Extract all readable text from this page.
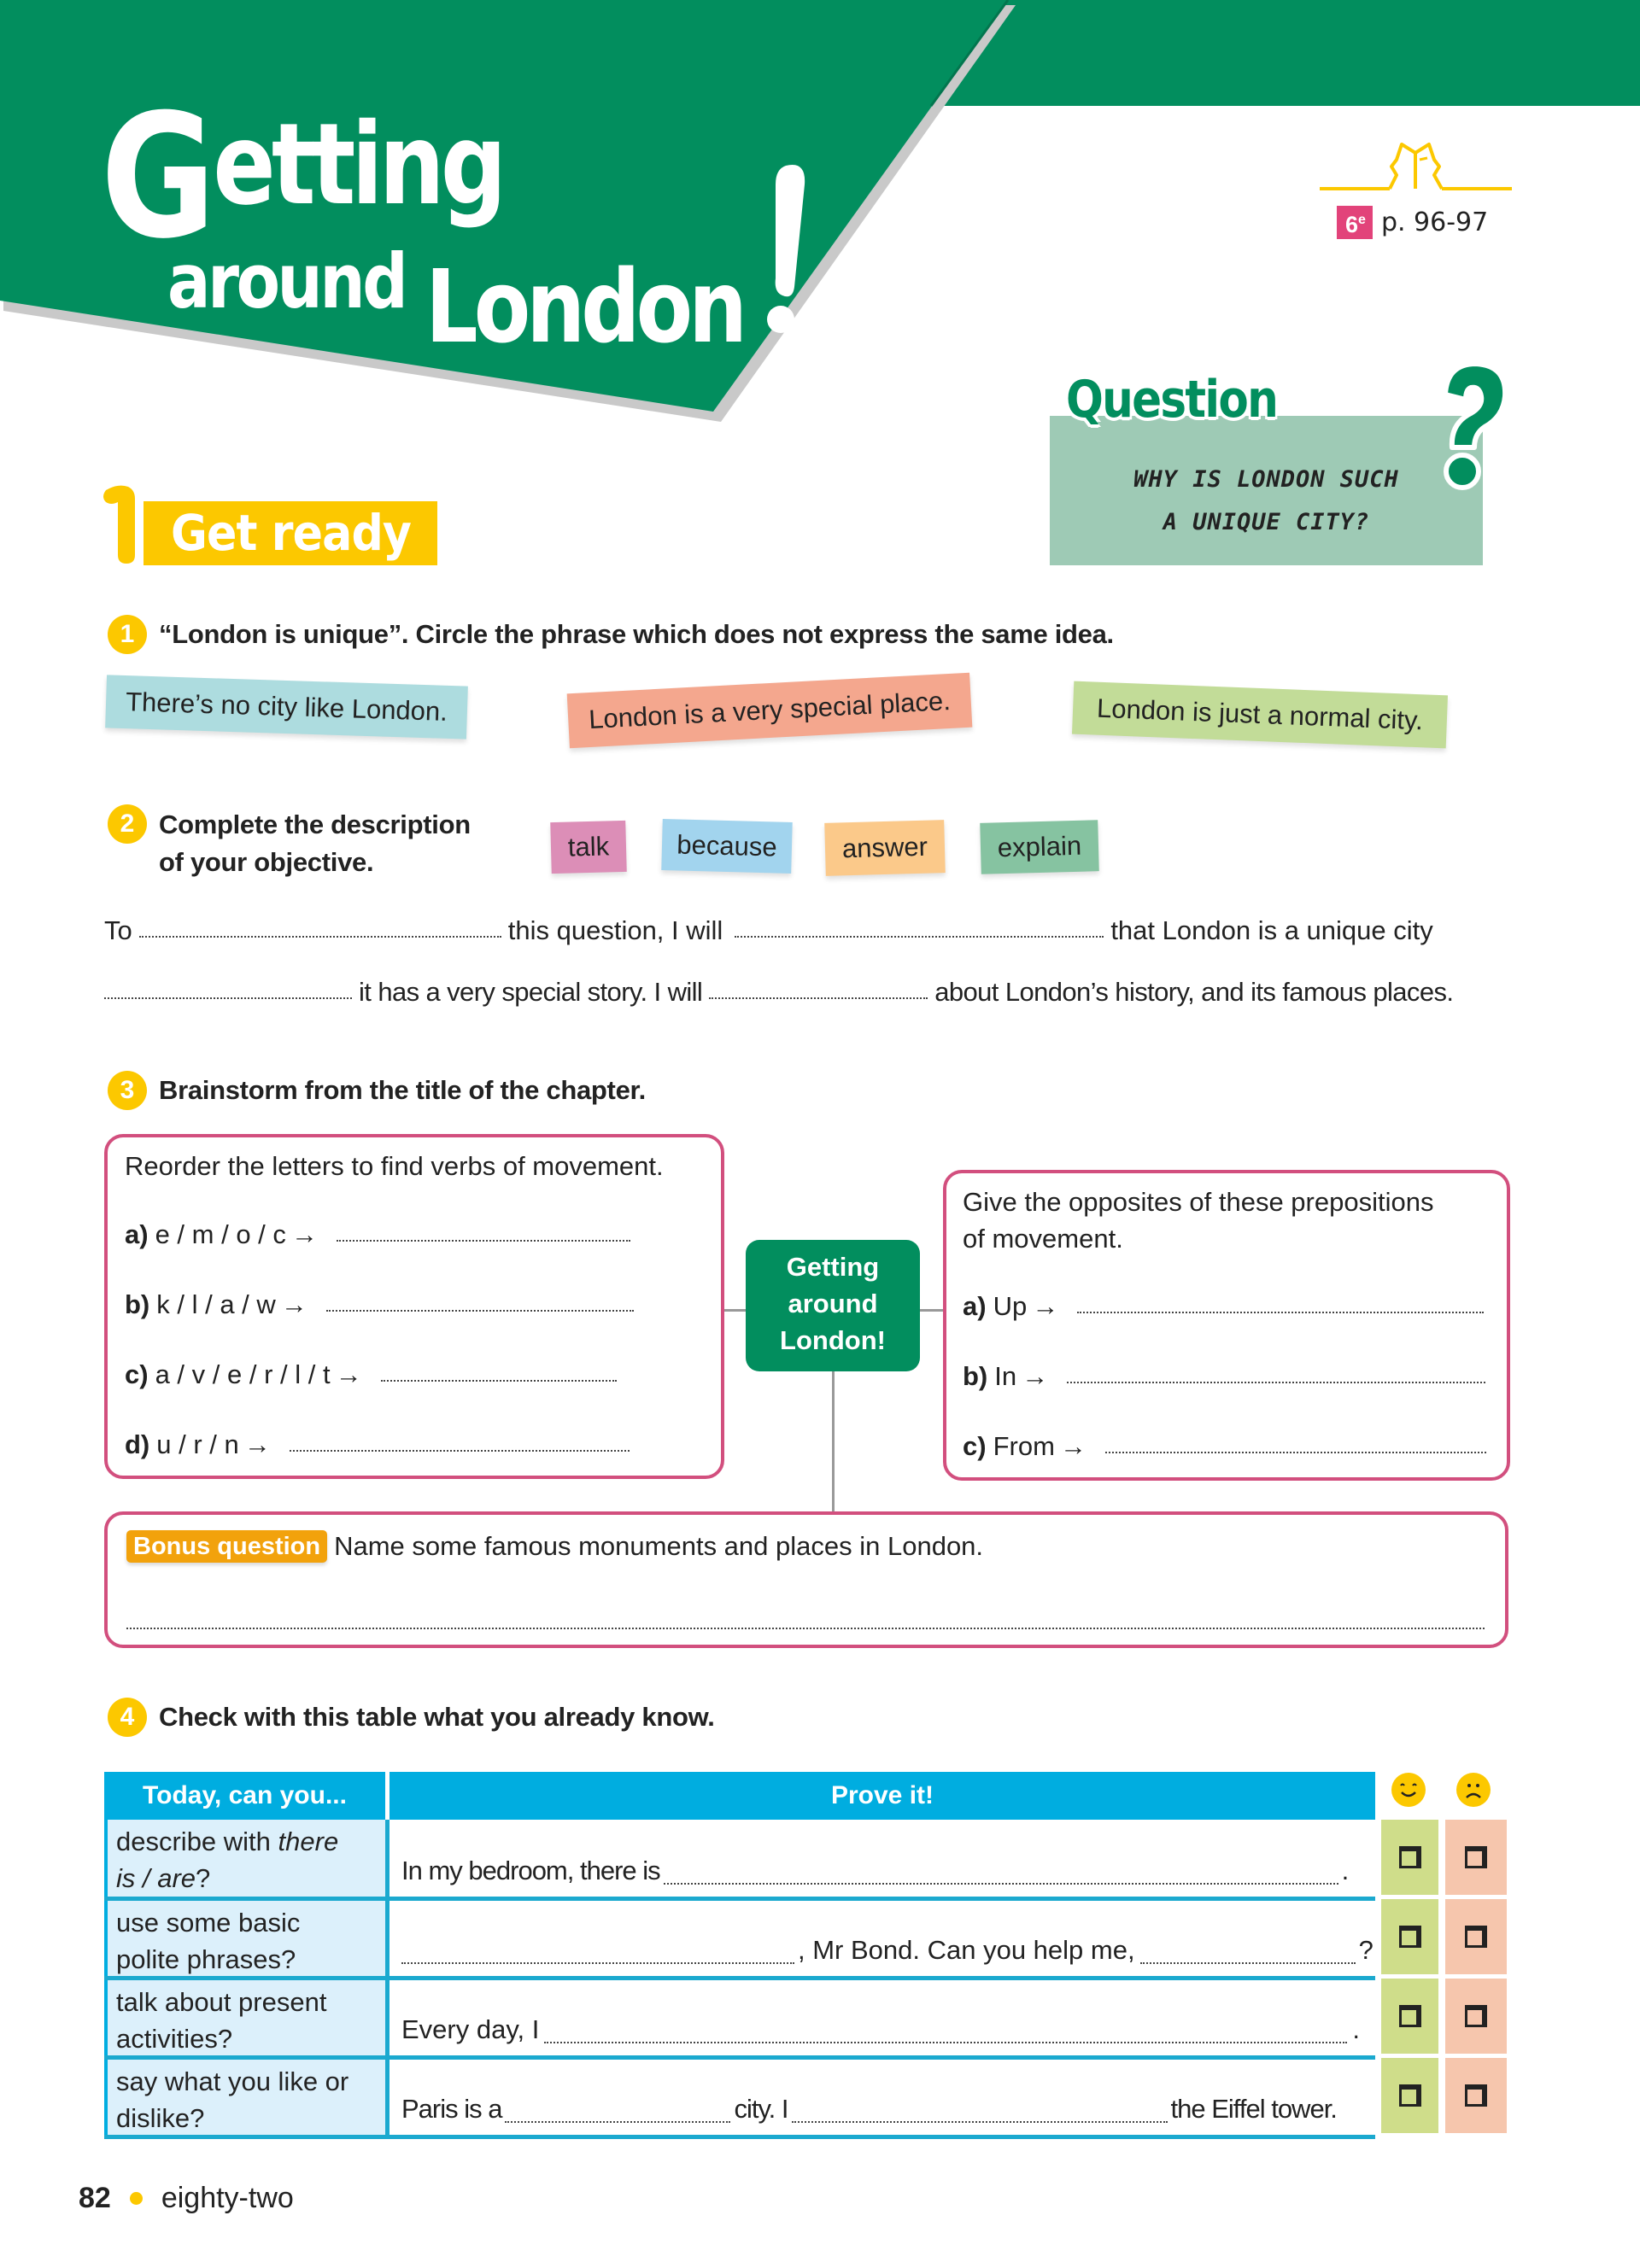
Getting
around London
6e p. 96-97
Question
WHY IS LONDON SUCH
A UNIQUE CITY?
Get ready
1 “London is unique”. Circle the phrase which does not express the same idea.
There’s no city like London.	London is a very special place.	London is just a normal city.
2 Complete the description
of your objective.	talk	because	answer	explain
To	this question, I will	that London is a unique city
it has a very special story. I will	about London’s history, and its famous places.
3 Brainstorm from the title of the chapter.
Reorder the letters to find verbs of movement.
a) e / m / o / c →
b) k / l / a / w →
c) a / v / e / r / l / t →
d) u / r / n →
Getting
around
London!
Give the opposites of these prepositions
of movement.
a) Up →
b) In →
c) From →
Bonus question Name some famous monuments and places in London.
4 Check with this table what you already know.
Today, can you...	Prove it!
describe with there
is / are?	In my bedroom, there is	.
use some basic
polite phrases?	, Mr Bond. Can you help me,	?
talk about present
activities?	Every day, I	.
say what you like or
dislike?	Paris is a	city. I	the Eiffel tower.
82 eighty-two
